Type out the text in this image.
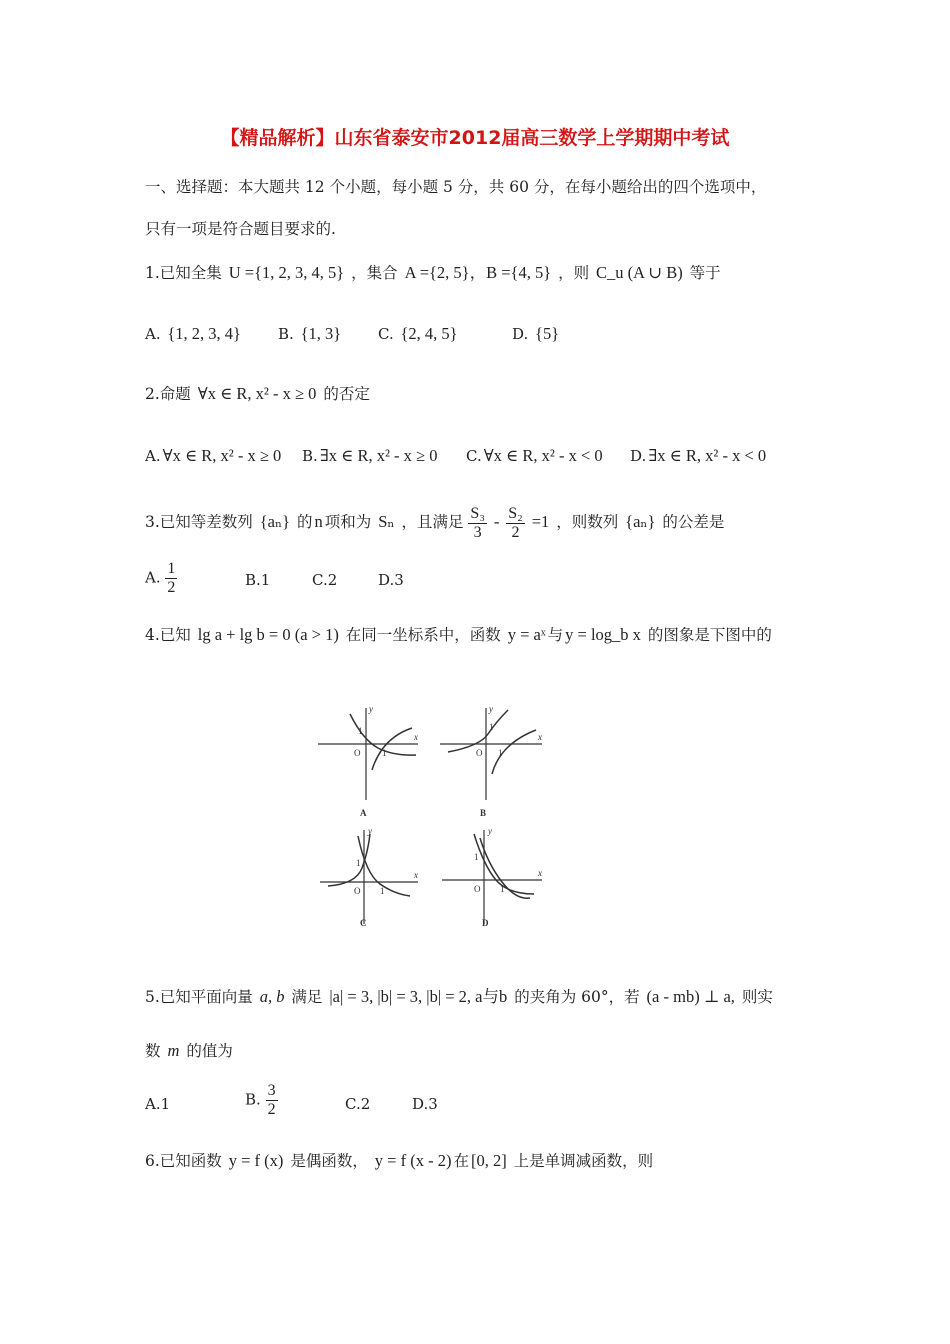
【精品解析】山东省泰安市2012届高三数学上学期期中考试
一、选择题：本大题共 12 个小题，每小题 5 分，共 60 分，在每小题给出的四个选项中，
只有一项是符合题目要求的.
1.已知全集 U ={1, 2, 3, 4, 5} ，集合 A ={2, 5}，B ={4, 5} ，则 C_u (A ∪ B) 等于
A. {1, 2, 3, 4} B. {1, 3} C. {2, 4, 5}	D. {5}
2.命题 ∀x ∈ R, x² - x ≥ 0 的否定
A. ∀x ∈ R, x² - x ≥ 0 B. ∃x ∈ R, x² - x ≥ 0 C. ∀x ∈ R, x² - x < 0 D. ∃x ∈ R, x² - x < 0
3.已知等差数列 {aₙ} 的 n 项和为 Sₙ ，且满足 $\frac{\text{S₃}}{3} - \frac{\text{S₂}}{2} =1$ ，则数列 {aₙ} 的公差是
A. $\frac{1}{2}$	B.1	C.2	D.3
4.已知 lg a + lg b = 0 (a > 1) 在同一坐标系中，函数 y = aˣ 与 y = log_b x 的图象是下图中的
y
x
O 1
1
A
y
x
O 1
1
B
y
x
O 1
1
C
y
x
O 1
1
D
5.已知平面向量 a, b 满足 |a| = 3, |b| = 3, |b| = 2, a与b 的夹角为 60°，若 (a - mb) ⊥ a, 则实
数 m 的值为
A.1	B. $\frac{3}{2}$	C.2	D.3
6.已知函数 y = f (x) 是偶函数， y = f (x - 2) 在 [0, 2] 上是单调减函数，则
